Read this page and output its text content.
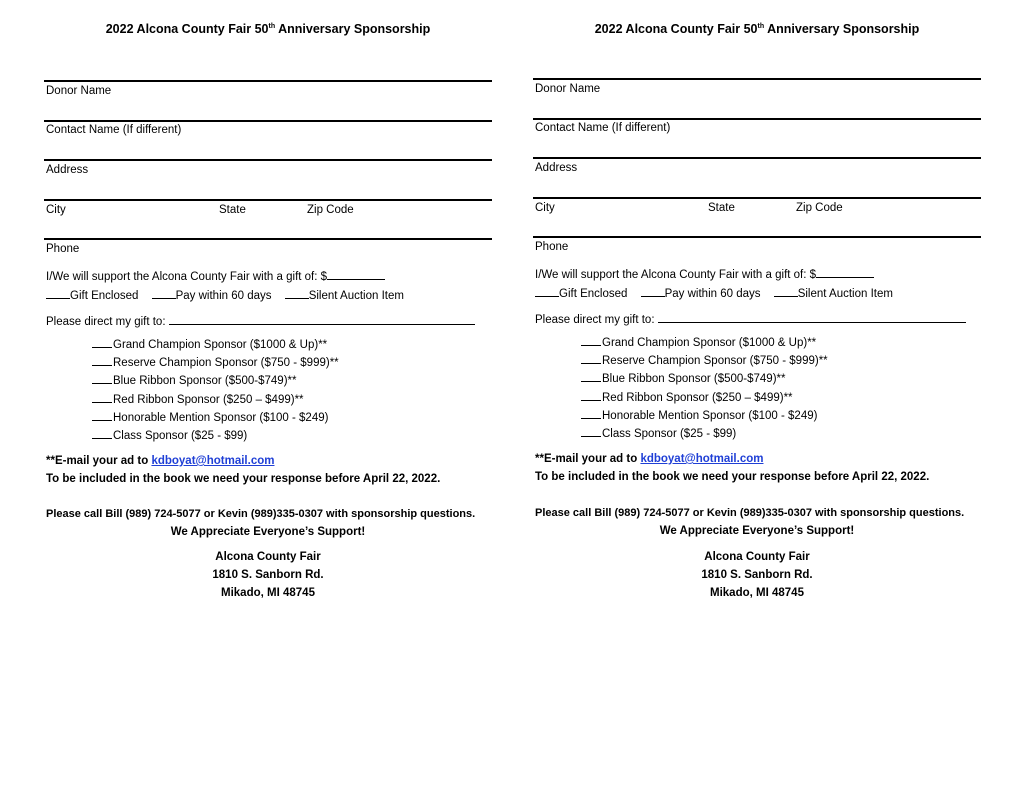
2022 Alcona County Fair 50th Anniversary Sponsorship
Donor Name
Contact Name (If different)
Address
City	State	Zip Code
Phone
I/We will support the Alcona County Fair with a gift of: $
Gift Enclosed	Pay within 60 days	Silent Auction Item
Please direct my gift to:
Grand Champion Sponsor ($1000 & Up)**
Reserve Champion Sponsor ($750 - $999)**
Blue Ribbon Sponsor ($500-$749)**
Red Ribbon Sponsor ($250 – $499)**
Honorable Mention Sponsor ($100 - $249)
Class Sponsor ($25 - $99)
**E-mail your ad to kdboyat@hotmail.com
To be included in the book we need your response before April 22, 2022.
Please call Bill (989) 724-5077 or Kevin (989)335-0307 with sponsorship questions.
We Appreciate Everyone’s Support!
Alcona County Fair
1810 S. Sanborn Rd.
Mikado, MI 48745
2022 Alcona County Fair 50th Anniversary Sponsorship
Donor Name
Contact Name (If different)
Address
City	State	Zip Code
Phone
I/We will support the Alcona County Fair with a gift of: $
Gift Enclosed	Pay within 60 days	Silent Auction Item
Please direct my gift to:
Grand Champion Sponsor ($1000 & Up)**
Reserve Champion Sponsor ($750 - $999)**
Blue Ribbon Sponsor ($500-$749)**
Red Ribbon Sponsor ($250 – $499)**
Honorable Mention Sponsor ($100 - $249)
Class Sponsor ($25 - $99)
**E-mail your ad to kdboyat@hotmail.com
To be included in the book we need your response before April 22, 2022.
Please call Bill (989) 724-5077 or Kevin (989)335-0307 with sponsorship questions.
We Appreciate Everyone’s Support!
Alcona County Fair
1810 S. Sanborn Rd.
Mikado, MI 48745
